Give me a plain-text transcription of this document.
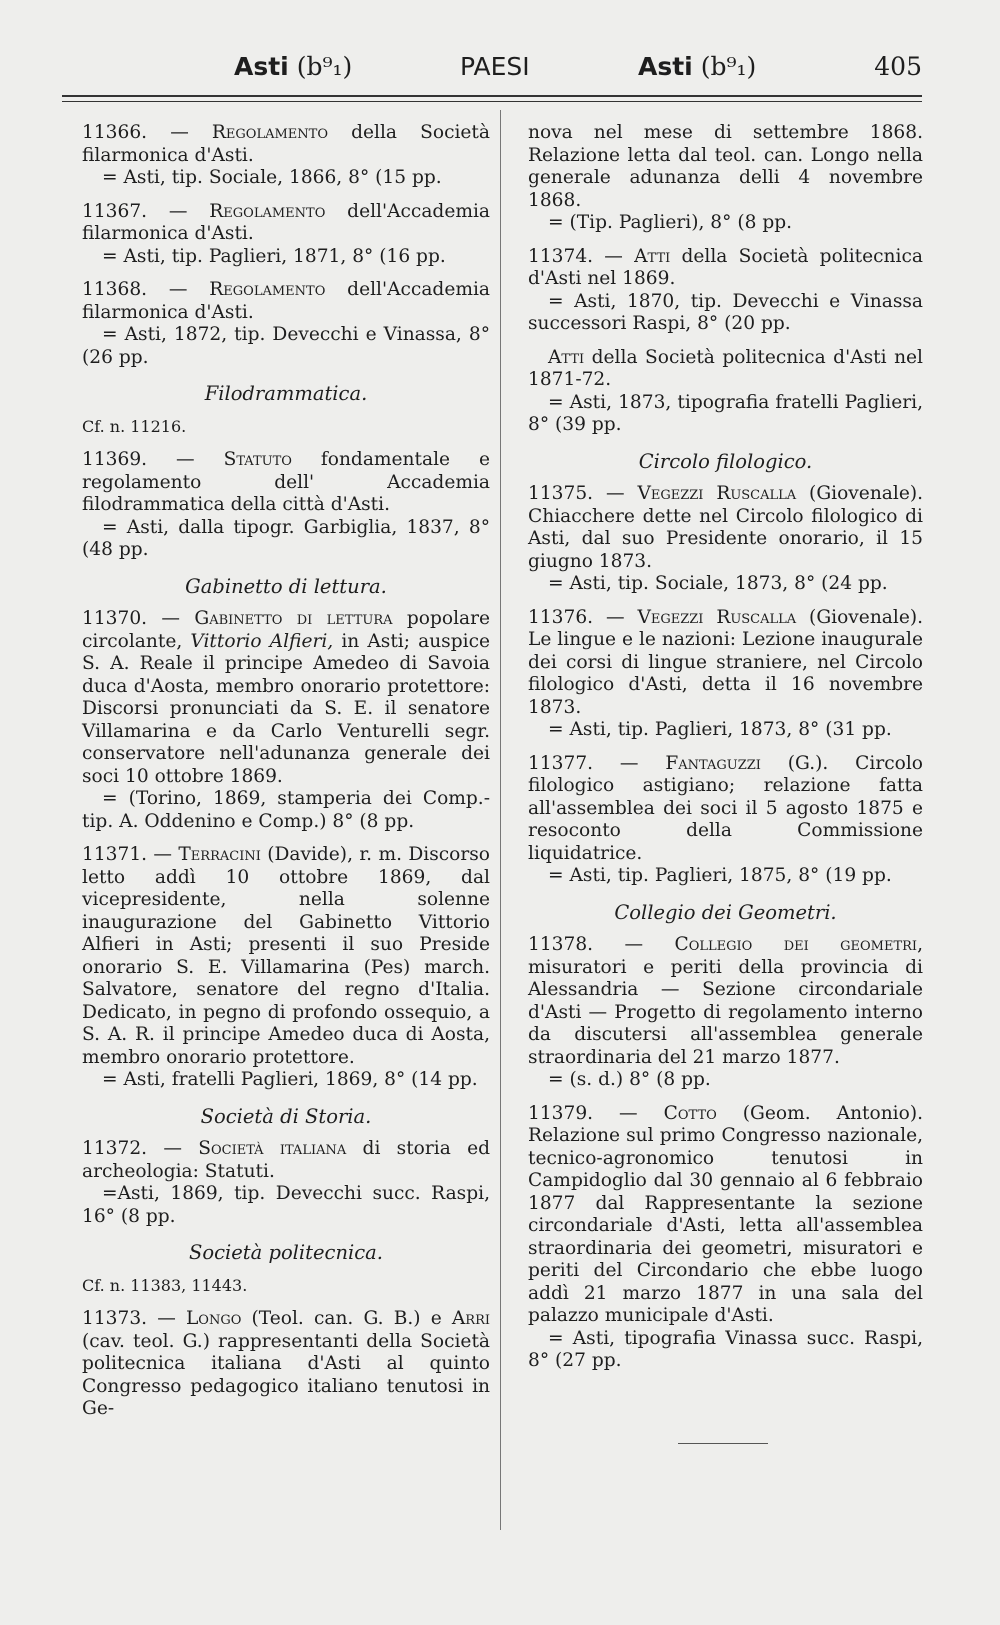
Asti (b⁹₁)	PAESI	Asti (b⁹₁)	405

11366. — Regolamento della Società filarmonica d'Asti.

= Asti, tip. Sociale, 1866, 8° (15 pp.

11367. — Regolamento dell'Accademia filarmonica d'Asti.

= Asti, tip. Paglieri, 1871, 8° (16 pp.

11368. — Regolamento dell'Accademia filarmonica d'Asti.

= Asti, 1872, tip. Devecchi e Vinassa, 8° (26 pp.

Filodrammatica.
Cf. n. 11216.

11369. — Statuto fondamentale e regolamento dell' Accademia filodrammatica della città d'Asti.

= Asti, dalla tipogr. Garbiglia, 1837, 8° (48 pp.

Gabinetto di lettura.

11370. — Gabinetto di lettura popolare circolante, Vittorio Alfieri, in Asti; auspice S. A. Reale il principe Amedeo di Savoia duca d'Aosta, membro onorario protettore: Discorsi pronunciati da S. E. il senatore Villamarina e da Carlo Venturelli segr. conservatore nell'adunanza generale dei soci 10 ottobre 1869.

= (Torino, 1869, stamperia dei Comp.-tip. A. Oddenino e Comp.) 8° (8 pp.

11371. — Terracini (Davide), r. m. Discorso letto addì 10 ottobre 1869, dal vicepresidente, nella solenne inaugurazione del Gabinetto Vittorio Alfieri in Asti; presenti il suo Preside onorario S. E. Villamarina (Pes) march. Salvatore, senatore del regno d'Italia. Dedicato, in pegno di profondo ossequio, a S. A. R. il principe Amedeo duca di Aosta, membro onorario protettore.

= Asti, fratelli Paglieri, 1869, 8° (14 pp.

Società di Storia.

11372. — Società italiana di storia ed archeologia: Statuti.

=Asti, 1869, tip. Devecchi succ. Raspi, 16° (8 pp.

Società politecnica.
Cf. n. 11383, 11443.

11373. — Longo (Teol. can. G. B.) e Arri (cav. teol. G.) rappresentanti della Società politecnica italiana d'Asti al quinto Congresso pedagogico italiano tenutosi in Ge-

nova nel mese di settembre 1868. Relazione letta dal teol. can. Longo nella generale adunanza delli 4 novembre 1868.

= (Tip. Paglieri), 8° (8 pp.

11374. — Atti della Società politecnica d'Asti nel 1869.

= Asti, 1870, tip. Devecchi e Vinassa successori Raspi, 8° (20 pp.

Atti della Società politecnica d'Asti nel 1871-72.

= Asti, 1873, tipografia fratelli Paglieri, 8° (39 pp.

Circolo filologico.

11375. — Vegezzi Ruscalla (Giovenale). Chiacchere dette nel Circolo filologico di Asti, dal suo Presidente onorario, il 15 giugno 1873.

= Asti, tip. Sociale, 1873, 8° (24 pp.

11376. — Vegezzi Ruscalla (Giovenale). Le lingue e le nazioni: Lezione inaugurale dei corsi di lingue straniere, nel Circolo filologico d'Asti, detta il 16 novembre 1873.

= Asti, tip. Paglieri, 1873, 8° (31 pp.

11377. — Fantaguzzi (G.). Circolo filologico astigiano; relazione fatta all'assemblea dei soci il 5 agosto 1875 e resoconto della Commissione liquidatrice.

= Asti, tip. Paglieri, 1875, 8° (19 pp.

Collegio dei Geometri.

11378. — Collegio dei geometri, misuratori e periti della provincia di Alessandria — Sezione circondariale d'Asti — Progetto di regolamento interno da discutersi all'assemblea generale straordinaria del 21 marzo 1877.

= (s. d.) 8° (8 pp.

11379. — Cotto (Geom. Antonio). Relazione sul primo Congresso nazionale, tecnico-agronomico tenutosi in Campidoglio dal 30 gennaio al 6 febbraio 1877 dal Rappresentante la sezione circondariale d'Asti, letta all'assemblea straordinaria dei geometri, misuratori e periti del Circondario che ebbe luogo addì 21 marzo 1877 in una sala del palazzo municipale d'Asti.

= Asti, tipografia Vinassa succ. Raspi, 8° (27 pp.
